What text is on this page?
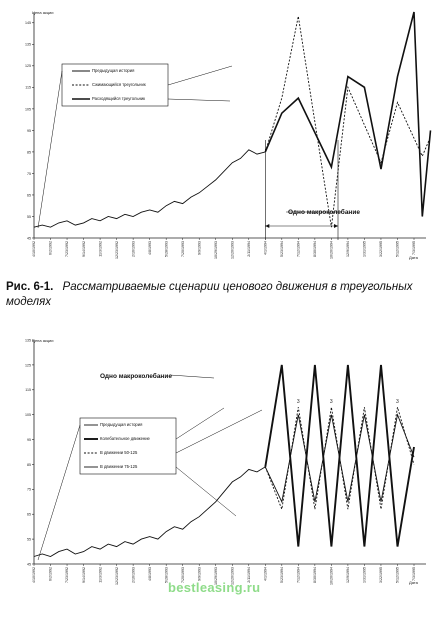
Цена акции
Дата
Одно макроколебание
Предыдущая история
Сжимающийся треугольник
Расходящийся треугольник
45
55
65
75
85
95
105
115
125
135
145
4/10/1992	6/2/1992	7/23/1992	9/14/1992	11/3/1992	12/23/1992	2/16/1993	4/8/1993	5/28/1993	7/20/1993	9/9/1993	10/29/1993	12/20/1993	2/11/1994	4/1/1994	5/23/1994	7/12/1994	8/30/1994	10/20/1994	12/9/1994	1/31/1995	3/22/1995	5/12/1995	7/3/1995
Рис. 6-1. Рассматриваемые сценарии ценового движения в треугольных моделях
Цена акции
Дата
Одно макроколебание
Предыдущая история
Колебательное движение
В движении 50-125
В движении 75-125
45
55
65
75
85
95
105
115
125
135
4/10/1992	6/2/1992	7/23/1992	9/14/1992	11/3/1992	12/23/1992	2/16/1993	4/8/1993	5/28/1993	7/20/1993	9/9/1993	10/29/1993	12/20/1993	2/11/1994	4/1/1994	5/23/1994	7/12/1994	8/30/1994	10/20/1994	12/9/1994	1/31/1995	3/22/1995	5/12/1995	7/3/1995
3	3	3
bestleasing.ru
